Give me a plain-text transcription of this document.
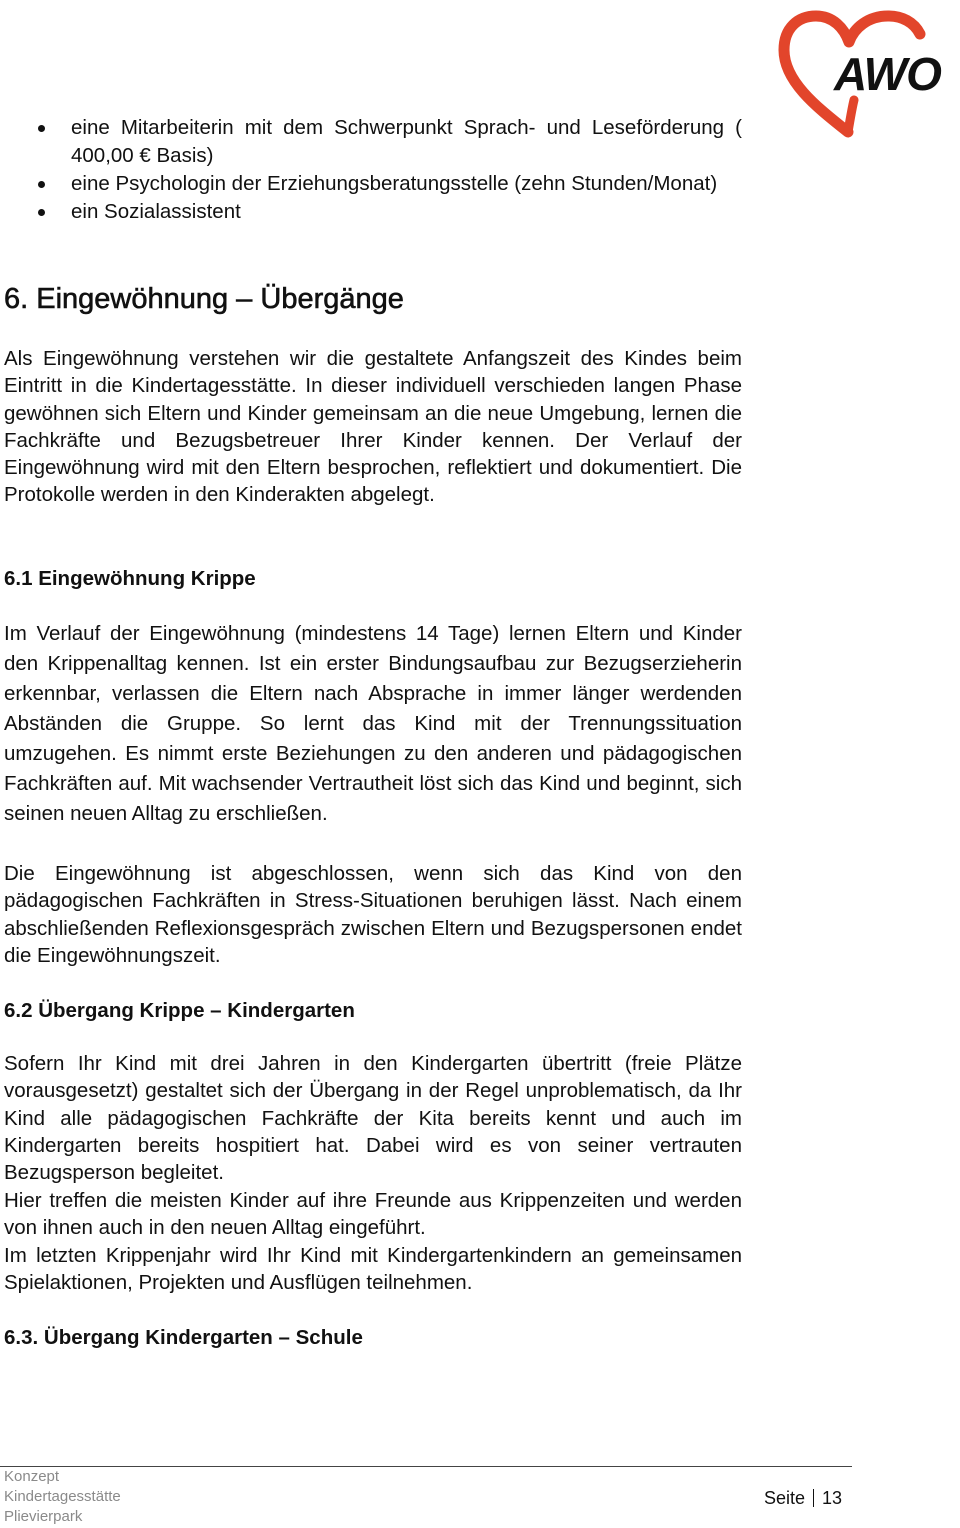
AWO
eine Mitarbeiterin mit dem Schwerpunkt Sprach- und Leseförderung ( 400,00 € Basis)
eine Psychologin der Erziehungsberatungsstelle (zehn Stunden/Monat)
ein Sozialassistent
6. Eingewöhnung – Übergänge

Als Eingewöhnung verstehen wir die gestaltete Anfangszeit des Kindes beim Eintritt in die Kindertagesstätte. In dieser individuell verschieden langen Phase gewöhnen sich Eltern und Kinder gemeinsam an die neue Umgebung, lernen die Fachkräfte und Bezugsbetreuer Ihrer Kinder kennen. Der Verlauf der Eingewöhnung wird mit den Eltern besprochen, reflektiert und dokumentiert. Die Protokolle werden in den Kinderakten abgelegt.

6.1 Eingewöhnung Krippe

Im Verlauf der Eingewöhnung (mindestens 14 Tage) lernen Eltern und Kinder den Krippenalltag kennen. Ist ein erster Bindungsaufbau zur Bezugserzieherin erkennbar, verlassen die Eltern nach Absprache in immer länger werdenden Abständen die Gruppe. So lernt das Kind mit der Trennungssituation umzugehen. Es nimmt erste Beziehungen zu den anderen und pädagogischen Fachkräften auf. Mit wachsender Vertrautheit löst sich das Kind und beginnt, sich seinen neuen Alltag zu erschließen.

Die Eingewöhnung ist abgeschlossen, wenn sich das Kind von den pädagogischen Fachkräften in Stress-Situationen beruhigen lässt. Nach einem abschließenden Reflexionsgespräch zwischen Eltern und Bezugspersonen endet die Eingewöhnungszeit.

6.2 Übergang Krippe – Kindergarten

Sofern Ihr Kind mit drei Jahren in den Kindergarten übertritt (freie Plätze vorausgesetzt) gestaltet sich der Übergang in der Regel unproblematisch, da Ihr Kind alle pädagogischen Fachkräfte der Kita bereits kennt und auch im Kindergarten bereits hospitiert hat. Dabei wird es von seiner vertrauten Bezugsperson begleitet.

Hier treffen die meisten Kinder auf ihre Freunde aus Krippenzeiten und werden von ihnen auch in den neuen Alltag eingeführt.

Im letzten Krippenjahr wird Ihr Kind mit Kindergartenkindern an gemeinsamen Spielaktionen, Projekten und Ausflügen teilnehmen.

6.3. Übergang Kindergarten – Schule
Konzept
Kindertagesstätte
Plievierpark
Seite 13
